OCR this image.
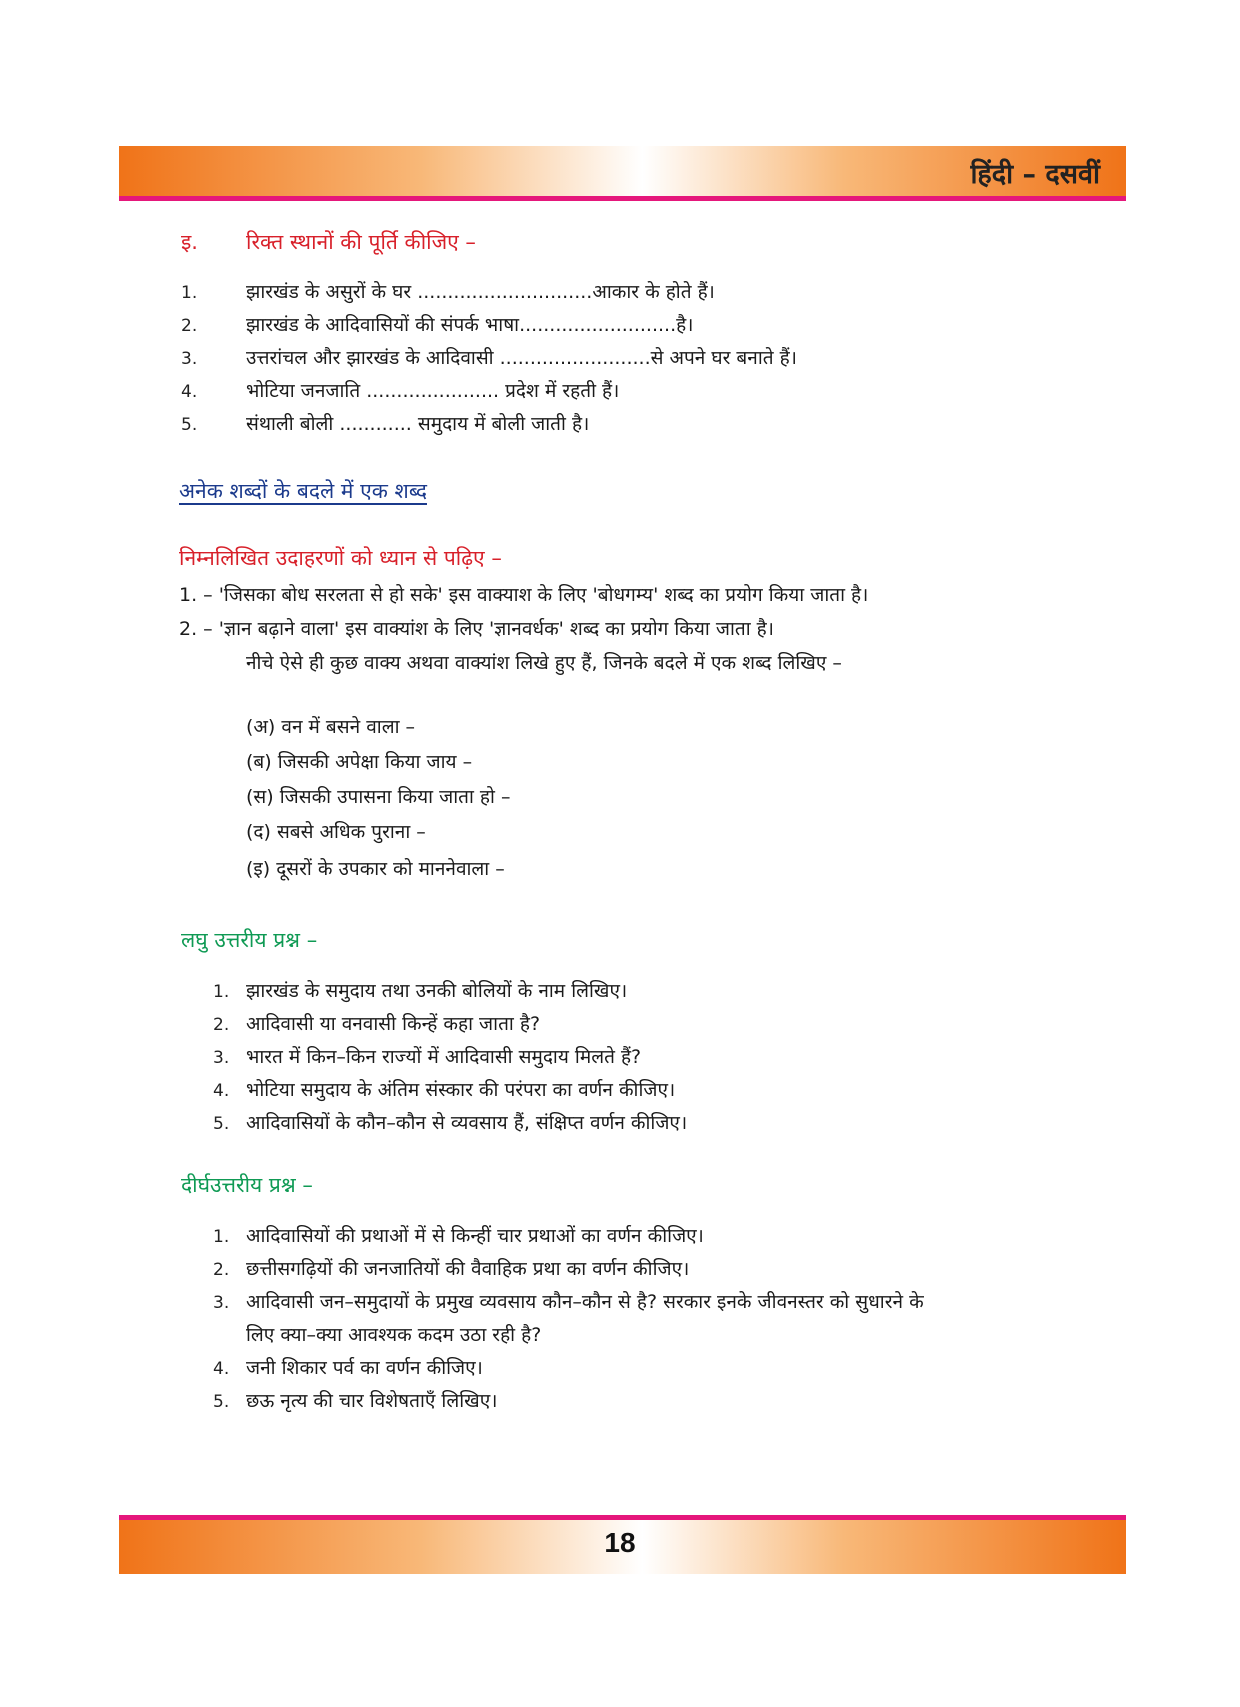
हिंदी – दसवीं
इ. रिक्त स्थानों की पूर्ति कीजिए –
1.	झारखंड के असुरों के घर .............................आकार के होते हैं।
2.	झारखंड के आदिवासियों की संपर्क भाषा..........................है।
3.	उत्तरांचल और झारखंड के आदिवासी .........................से अपने घर बनाते हैं।
4.	भोटिया जनजाति ...................... प्रदेश में रहती हैं।
5.	संथाली बोली ............ समुदाय में बोली जाती है।
अनेक शब्दों के बदले में एक शब्द
निम्नलिखित उदाहरणों को ध्यान से पढ़िए –
1. – 'जिसका बोध सरलता से हो सके' इस वाक्याश के लिए 'बोधगम्य' शब्द का प्रयोग किया जाता है।
2. – 'ज्ञान बढ़ाने वाला' इस वाक्यांश के लिए 'ज्ञानवर्धक' शब्द का प्रयोग किया जाता है।
नीचे ऐसे ही कुछ वाक्य अथवा वाक्यांश लिखे हुए हैं, जिनके बदले में एक शब्द लिखिए –
(अ) वन में बसने वाला –
(ब) जिसकी अपेक्षा किया जाय –
(स) जिसकी उपासना किया जाता हो –
(द) सबसे अधिक पुराना –
(इ) दूसरों के उपकार को माननेवाला –
लघु उत्तरीय प्रश्न –
1. झारखंड के समुदाय तथा उनकी बोलियों के नाम लिखिए।
2. आदिवासी या वनवासी किन्हें कहा जाता है?
3. भारत में किन–किन राज्यों में आदिवासी समुदाय मिलते हैं?
4. भोटिया समुदाय के अंतिम संस्कार की परंपरा का वर्णन कीजिए।
5. आदिवासियों के कौन–कौन से व्यवसाय हैं, संक्षिप्त वर्णन कीजिए।
दीर्घउत्तरीय प्रश्न –
1. आदिवासियों की प्रथाओं में से किन्हीं चार प्रथाओं का वर्णन कीजिए।
2. छत्तीसगढ़ियों की जनजातियों की वैवाहिक प्रथा का वर्णन कीजिए।
3. आदिवासी जन–समुदायों के प्रमुख व्यवसाय कौन–कौन से है? सरकार इनके जीवनस्तर को सुधारने के
लिए क्या–क्या आवश्यक कदम उठा रही है?
4. जनी शिकार पर्व का वर्णन कीजिए।
5. छऊ नृत्य की चार विशेषताएँ लिखिए।
18
